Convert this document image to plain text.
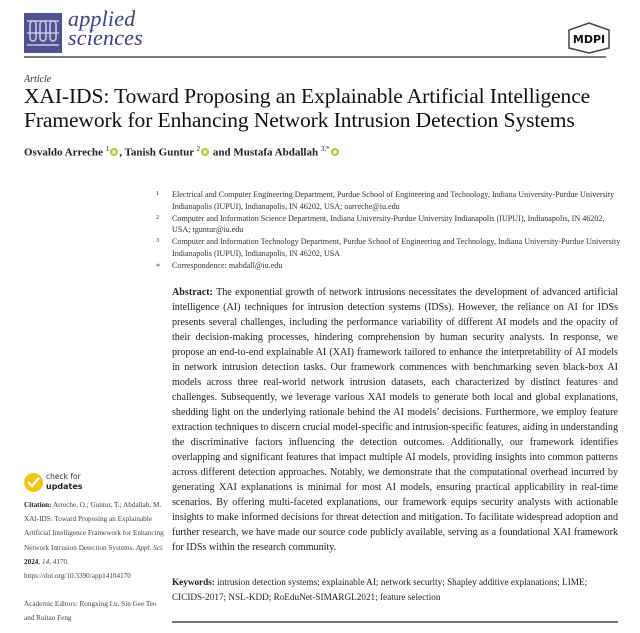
applied
sciences	MDPI
Article
XAI-IDS: Toward Proposing an Explainable Artificial Intelligence Framework for Enhancing Network Intrusion Detection Systems
Osvaldo Arreche $^1$ , Tanish Guntur $^2$ and Mustafa Abdallah $^{3,*}$
1 Electrical and Computer Engineering Department, Purdue School of Engineering and Technology, Indiana University-Purdue University Indianapolis (IUPUI), Indianapolis, IN 46202, USA; oarreche@iu.edu
2 Computer and Information Science Department, Indiana University-Purdue University Indianapolis (IUPUI), Indianapolis, IN 46202, USA; tguntur@iu.edu
3 Computer and Information Technology Department, Purdue School of Engineering and Technology, Indiana University-Purdue University Indianapolis (IUPUI), Indianapolis, IN 46202, USA
* Correspondence: mabdall@iu.edu
Abstract: The exponential growth of network intrusions necessitates the development of advanced artificial intelligence (AI) techniques for intrusion detection systems (IDSs). However, the reliance on AI for IDSs presents several challenges, including the performance variability of different AI models and the opacity of their decision-making processes, hindering comprehension by human security analysts. In response, we propose an end-to-end explainable AI (XAI) framework tailored to enhance the interpretability of AI models in network intrusion detection tasks. Our framework commences with benchmarking seven black-box AI models across three real-world network intrusion datasets, each characterized by distinct features and challenges. Subsequently, we leverage various XAI models to generate both local and global explanations, shedding light on the underlying rationale behind the AI models’ decisions. Furthermore, we employ feature extraction techniques to discern crucial model-specific and intrusion-specific features, aiding in understanding the discriminative factors influencing the detection outcomes. Additionally, our framework identifies overlapping and significant features that impact multiple AI models, providing insights into common patterns across different detection approaches. Notably, we demonstrate that the computational overhead incurred by generating XAI explanations is minimal for most AI models, ensuring practical applicability in real-time scenarios. By offering multi-faceted explanations, our framework equips security analysts with actionable insights to make informed decisions for threat detection and mitigation. To facilitate widespread adoption and further research, we have made our source code publicly available, serving as a foundational XAI framework for IDSs within the research community.
Keywords: intrusion detection systems; explainable AI; network security; Shapley additive explanations; LIME; CICIDS-2017; NSL-KDD; RoEduNet-SIMARGL2021; feature selection
check for
updates
Citation: Arreche, O.; Guntur, T.; Abdallah, M. XAI-IDS: Toward Proposing an Explainable Artificial Intelligence Framework for Enhancing Network Intrusion Detection Systems. Appl. Sci. 2024, 14, 4170. https://doi.org/10.3390/app14104170
Academic Editors: Rongxing Lu, Sin Gee Teo and Ruitao Feng
